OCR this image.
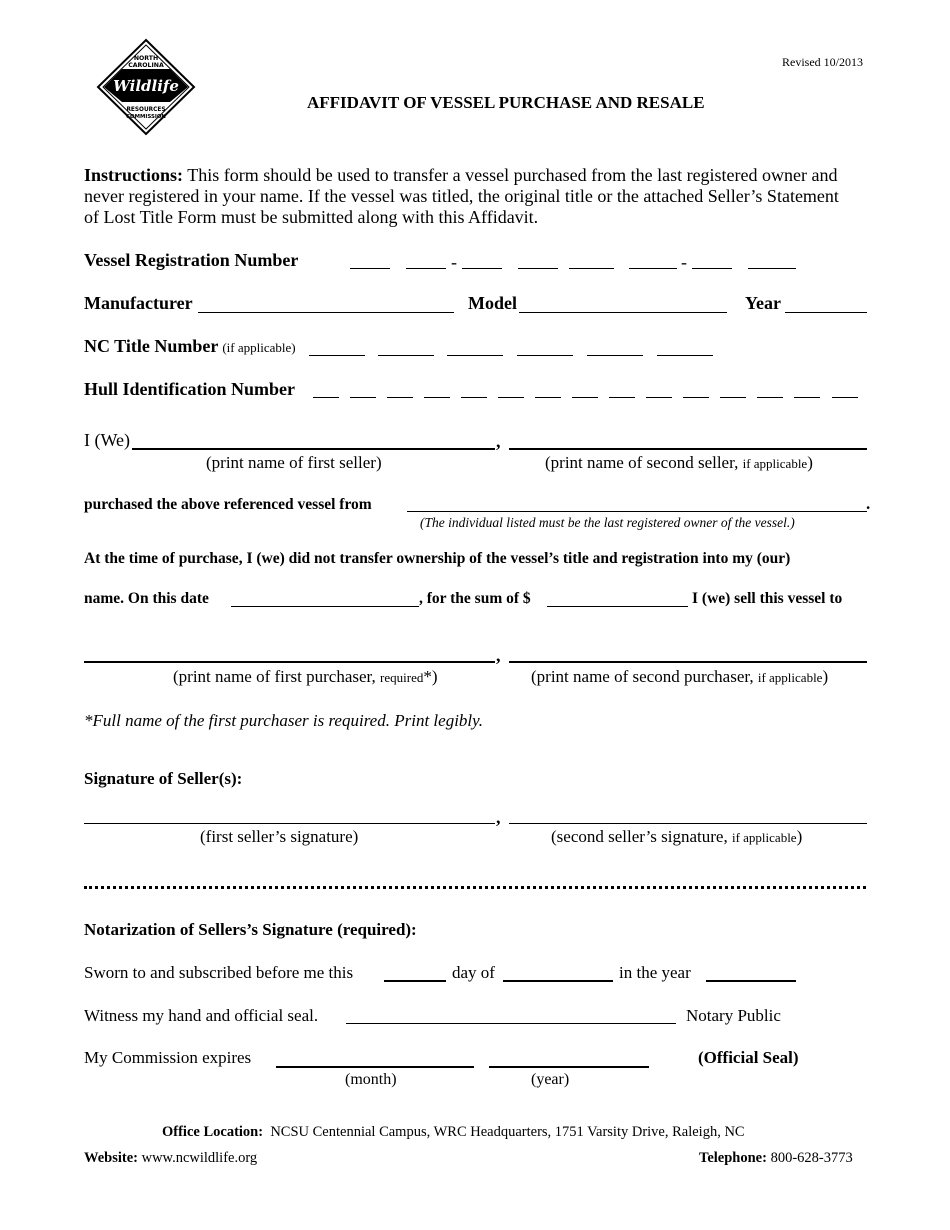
NORTH
CAROLINA
Wildlife
RESOURCES
COMMISSION
Revised 10/2013
AFFIDAVIT OF VESSEL PURCHASE AND RESALE
Instructions: This form should be used to transfer a vessel purchased from the last registered owner and
never registered in your name. If the vessel was titled, the original title or the attached Seller’s Statement
of Lost Title Form must be submitted along with this Affidavit.
Vessel Registration Number	-	-
Manufacturer	Model	Year
NC Title Number (if applicable)
Hull Identification Number
I (We)	,
(print name of first seller)	(print name of second seller, if applicable)
purchased the above referenced vessel from	.
(The individual listed must be the last registered owner of the vessel.)
At the time of purchase, I (we) did not transfer ownership of the vessel’s title and registration into my (our)
name. On this date	, for the sum of $	I (we) sell this vessel to
,
(print name of first purchaser, required*)	(print name of second purchaser, if applicable)
*Full name of the first purchaser is required. Print legibly.
Signature of Seller(s):
,
(first seller’s signature)	(second seller’s signature, if applicable)
Notarization of Sellers’s Signature (required):
Sworn to and subscribed before me this	day of	in the year
Witness my hand and official seal.	Notary Public
My Commission expires	(Official Seal)
(month)	(year)
Office Location: NCSU Centennial Campus, WRC Headquarters, 1751 Varsity Drive, Raleigh, NC
Website: www.ncwildlife.org	Telephone: 800-628-3773
